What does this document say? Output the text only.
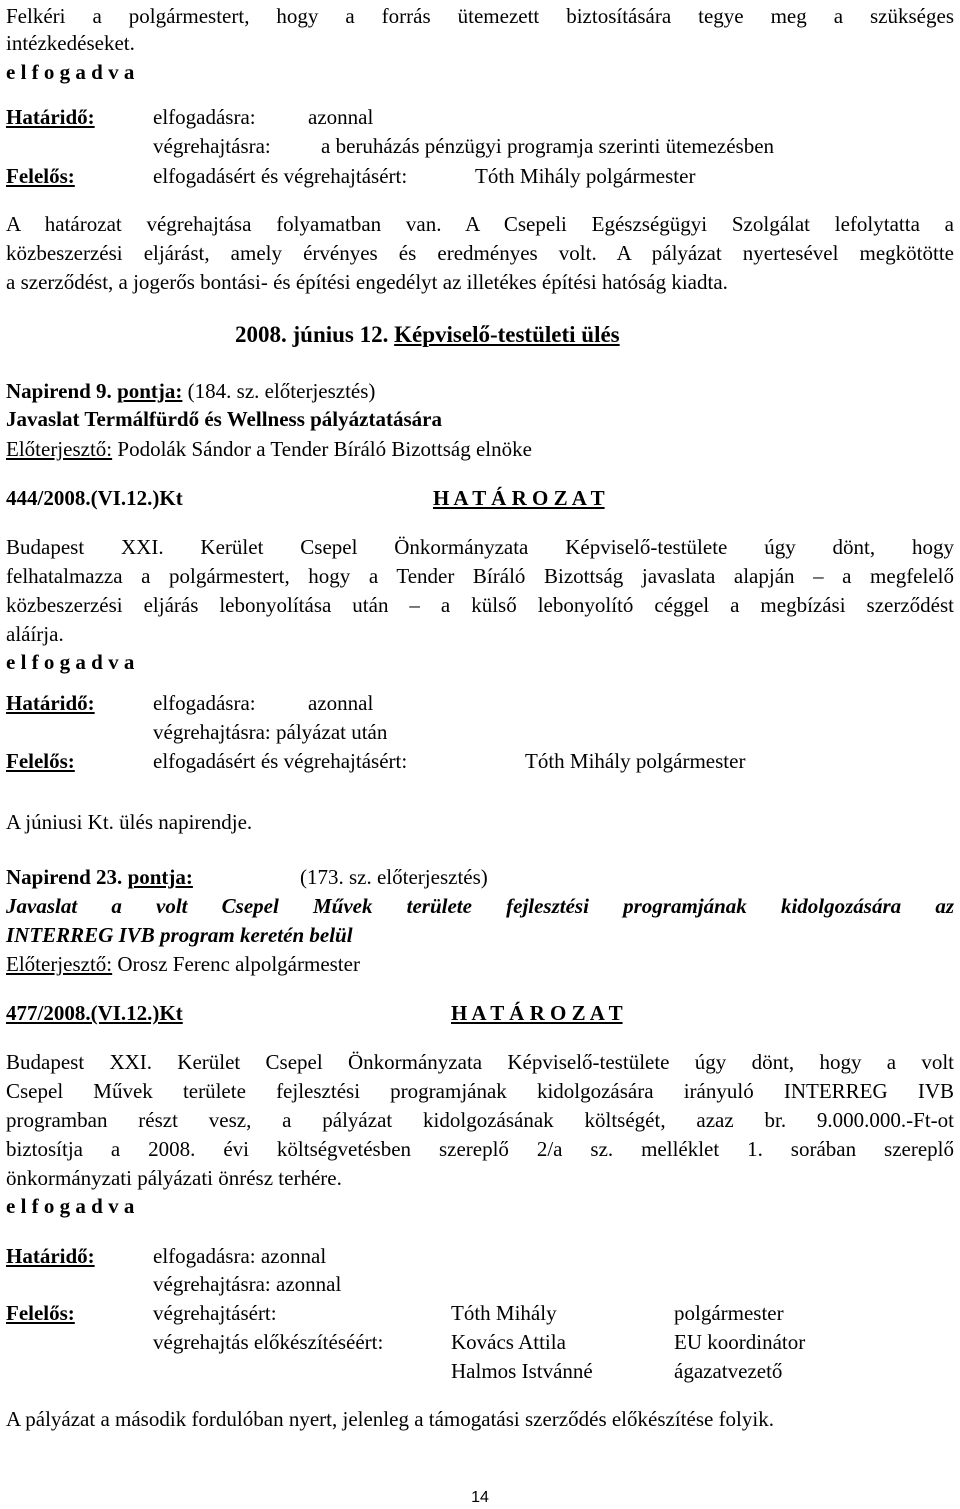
Felkéri a polgármestert, hogy a forrás ütemezett biztosítására tegye meg a szükséges
intézkedéseket.
e l f o g a d v a
Határidő:	elfogadásra: azonnal
végrehajtásra: a beruházás pénzügyi programja szerinti ütemezésben
Felelős:	elfogadásért és végrehajtásért:	Tóth Mihály polgármester
A határozat végrehajtása folyamatban van. A Csepeli Egészségügyi Szolgálat lefolytatta a
közbeszerzési eljárást, amely érvényes és eredményes volt. A pályázat nyertesével megkötötte
a szerződést, a jogerős bontási- és építési engedélyt az illetékes építési hatóság kiadta.
2008. június 12. Képviselő-testületi ülés
Napirend 9. pontja: (184. sz. előterjesztés)
Javaslat Termálfürdő és Wellness pályáztatására
Előterjesztő: Podolák Sándor a Tender Bíráló Bizottság elnöke
444/2008.(VI.12.)Kt	H A T Á R O Z A T
Budapest XXI. Kerület Csepel Önkormányzata Képviselő-testülete úgy dönt, hogy
felhatalmazza a polgármestert, hogy a Tender Bíráló Bizottság javaslata alapján – a megfelelő
közbeszerzési eljárás lebonyolítása után – a külső lebonyolító céggel a megbízási szerződést
aláírja.
e l f o g a d v a
Határidő:	elfogadásra: azonnal
végrehajtásra: pályázat után
Felelős:	elfogadásért és végrehajtásért:	Tóth Mihály polgármester
A júniusi Kt. ülés napirendje.
Napirend 23. pontja:	(173. sz. előterjesztés)
Javaslat a volt Csepel Művek területe fejlesztési programjának kidolgozására az
INTERREG IVB program keretén belül
Előterjesztő: Orosz Ferenc alpolgármester
477/2008.(VI.12.)Kt	H A T Á R O Z A T
Budapest XXI. Kerület Csepel Önkormányzata Képviselő-testülete úgy dönt, hogy a volt
Csepel Művek területe fejlesztési programjának kidolgozására irányuló INTERREG IVB
programban részt vesz, a pályázat kidolgozásának költségét, azaz br. 9.000.000.-Ft-ot
biztosítja a 2008. évi költségvetésben szereplő 2/a sz. melléklet 1. sorában szereplő
önkormányzati pályázati önrész terhére.
e l f o g a d v a
Határidő:	elfogadásra: azonnal
végrehajtásra: azonnal
Felelős:	végrehajtásért:	Tóth Mihály	polgármester
végrehajtás előkészítéséért:	Kovács Attila	EU koordinátor
Halmos Istvánné	ágazatvezető
A pályázat a második fordulóban nyert, jelenleg a támogatási szerződés előkészítése folyik.
14
